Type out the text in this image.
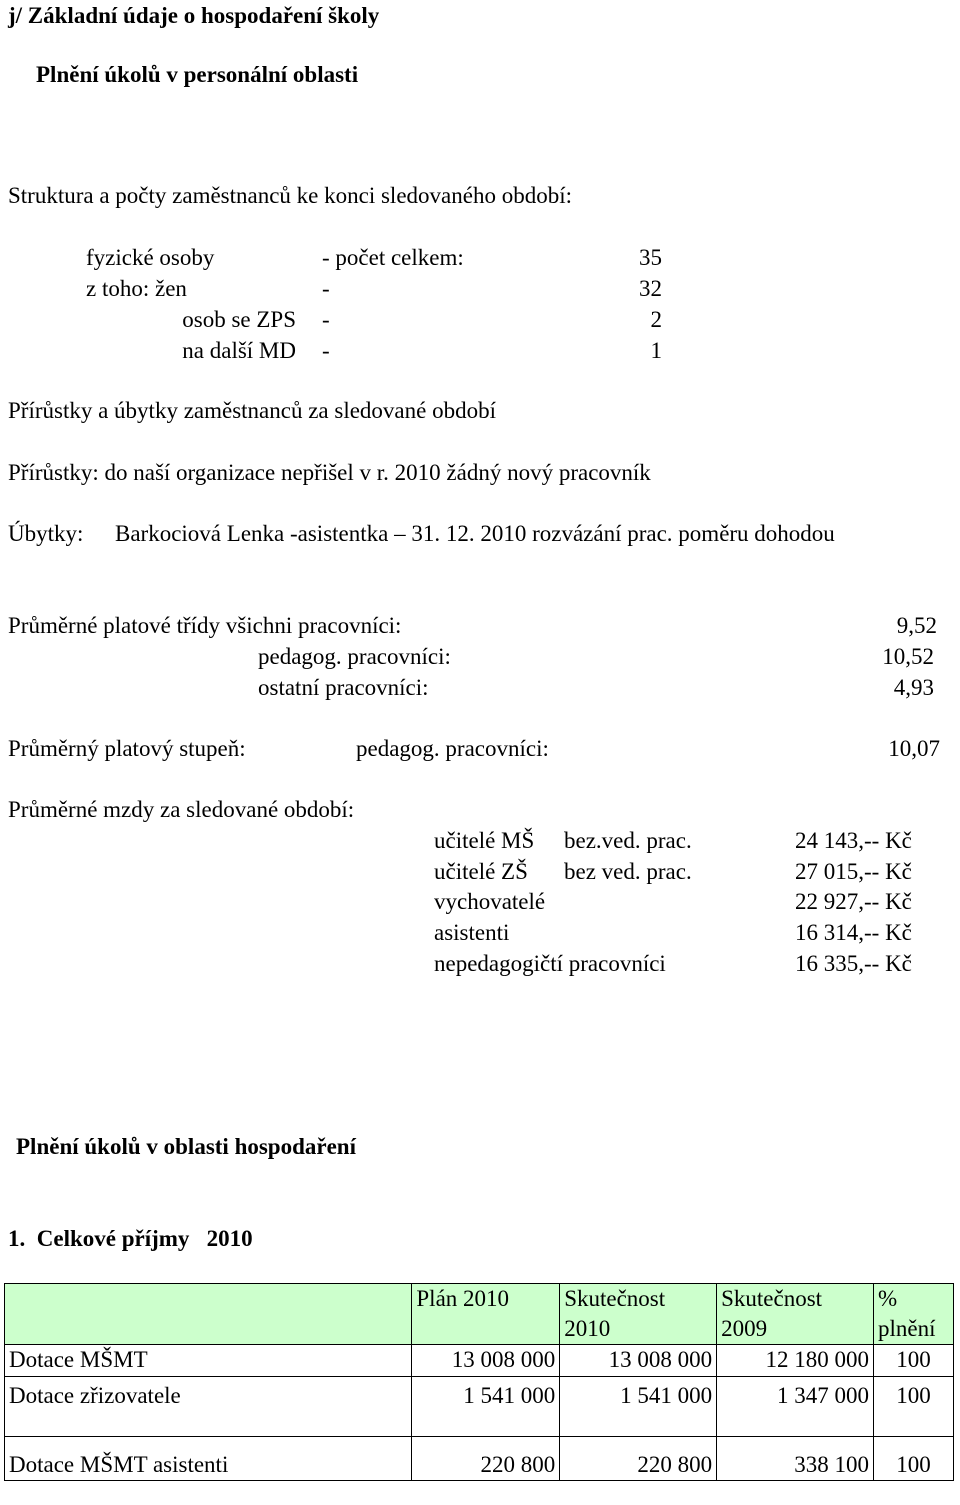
j/ Základní údaje o hospodaření školy
Plnění úkolů v personální oblasti
Struktura a počty zaměstnanců ke konci sledovaného období:
fyzické osoby	- počet celkem:	35
z toho: žen	-	32
osob se ZPS -	2
na další MD -	1
Přírůstky a úbytky zaměstnanců za sledované období
Přírůstky: do naší organizace nepřišel v r. 2010 žádný nový pracovník
Úbytky: Barkociová Lenka -asistentka – 31. 12. 2010 rozvázání prac. poměru dohodou
Průměrné platové třídy všichni pracovníci:	9,52
pedagog. pracovníci:	10,52
ostatní pracovníci:	4,93
Průměrný platový stupeň:	pedagog. pracovníci:	10,07
Průměrné mzdy za sledované období:
učitelé MŠ bez.ved. prac.	24 143,-- Kč
učitelé ZŠ bez ved. prac.	27 015,-- Kč
vychovatelé	22 927,-- Kč
asistenti	16 314,-- Kč
nepedagogičtí pracovníci	16 335,-- Kč
Plnění úkolů v oblasti hospodaření
1.  Celkové příjmy   2010
	Plán 2010	Skutečnost 2010	Skutečnost 2009	% plnění
Dotace MŠMT	13 008 000	13 008 000	12 180 000	100
Dotace zřizovatele	1 541 000	1 541 000	1 347 000	100
Dotace MŠMT asistenti	220 800	220 800	338 100	100
